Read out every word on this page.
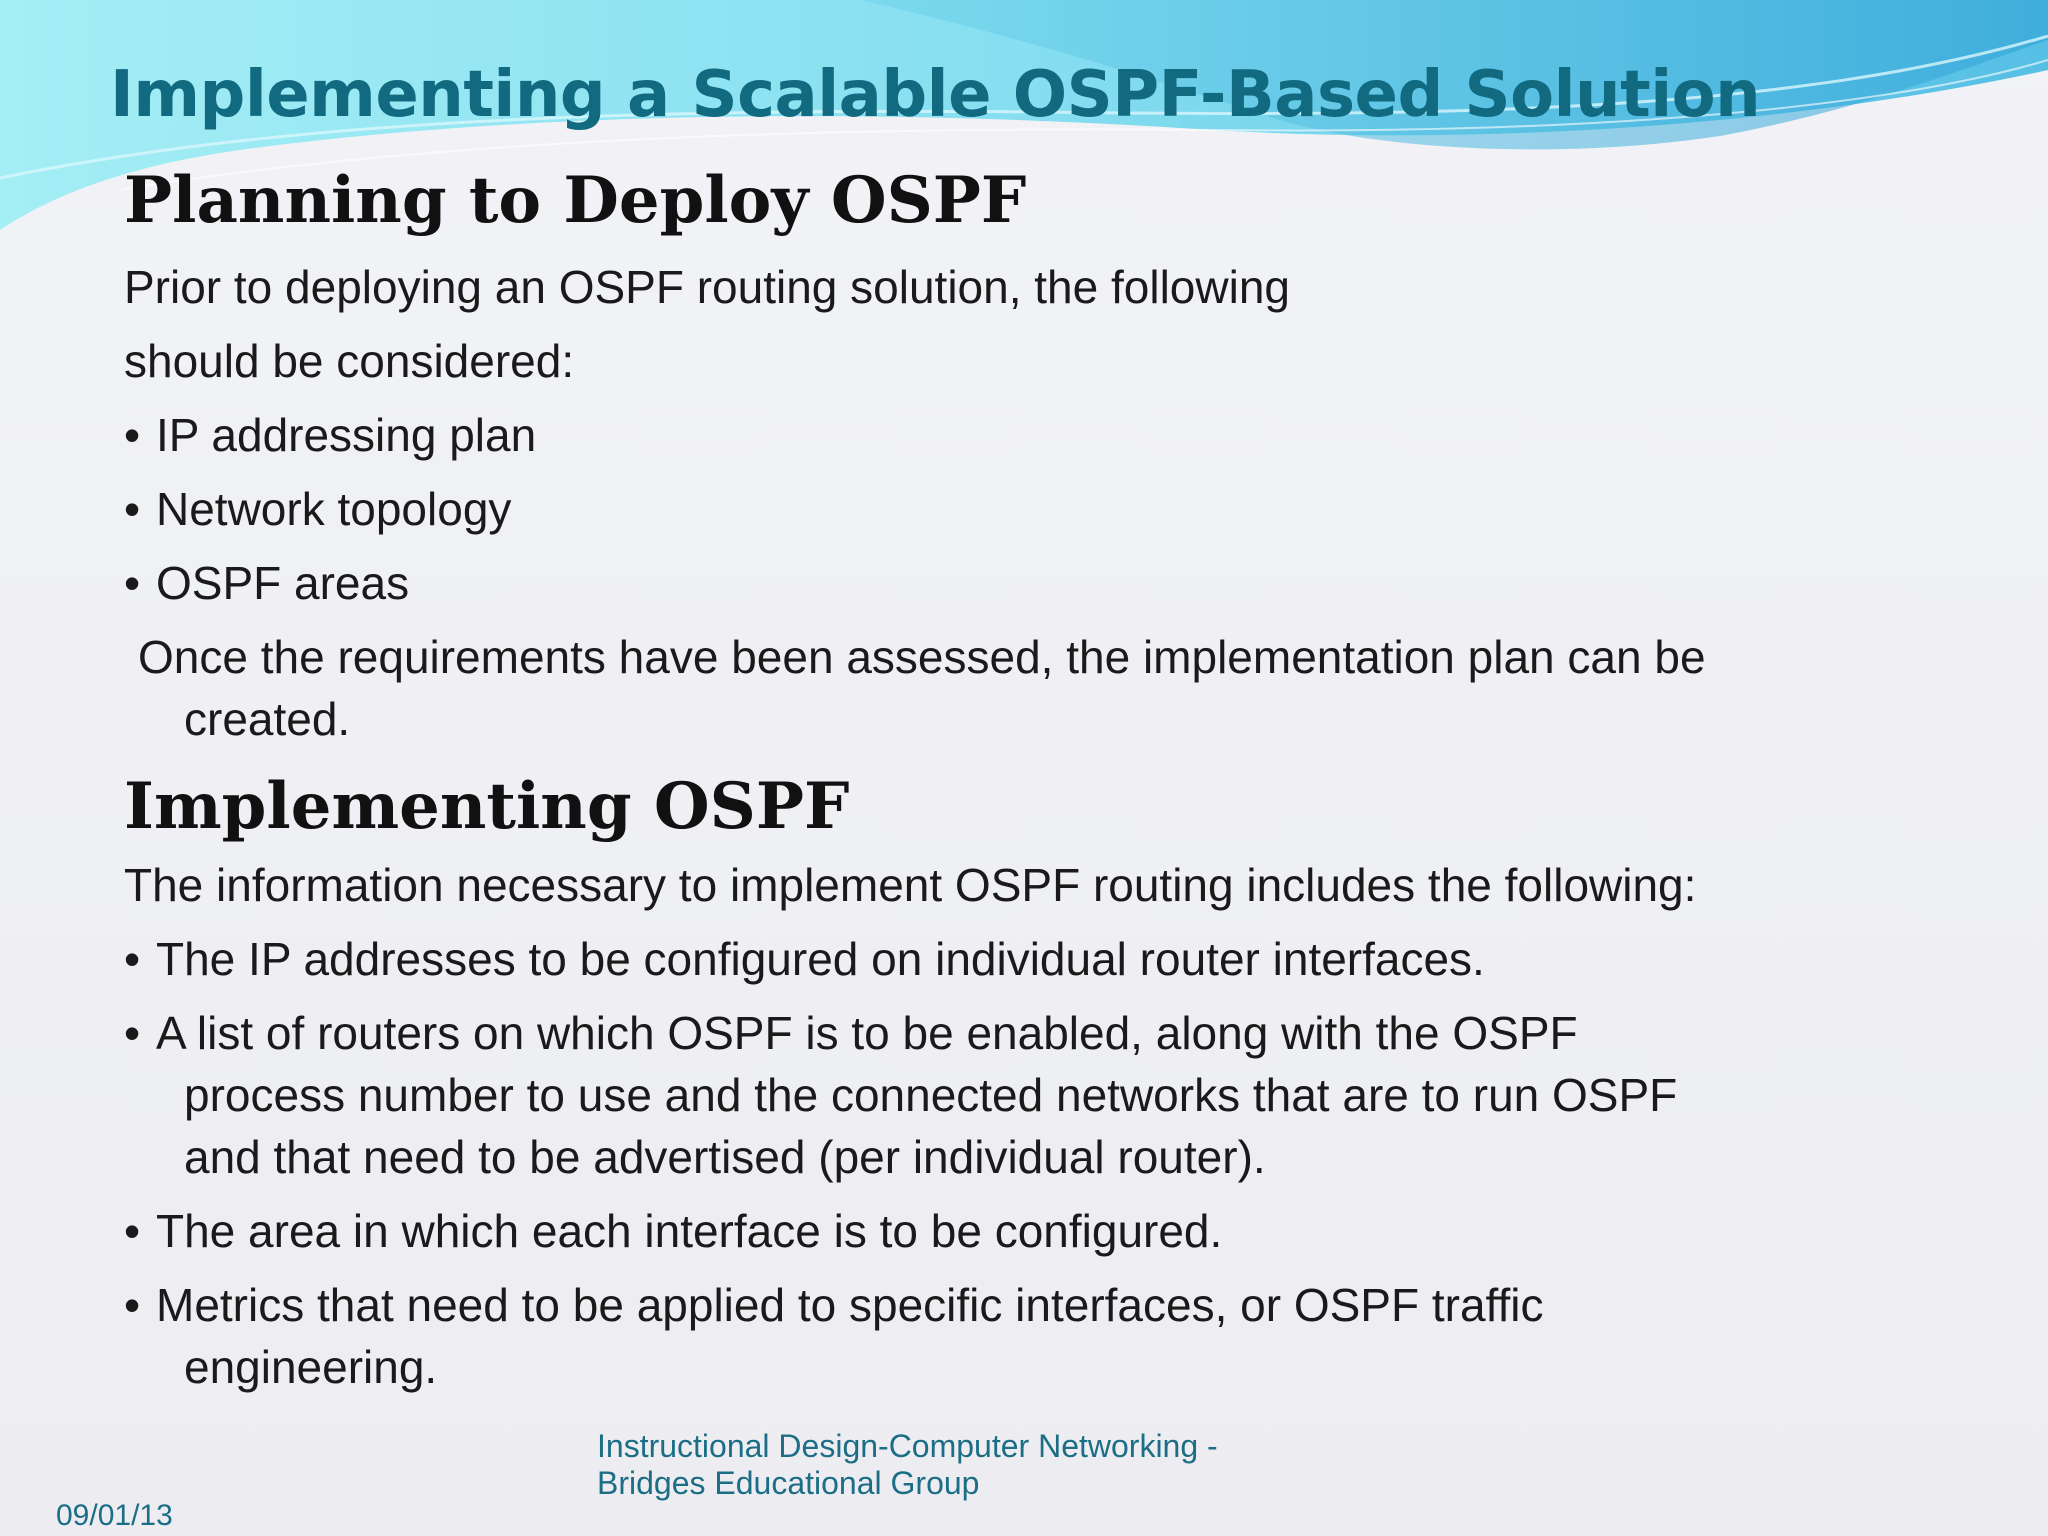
Implementing a Scalable OSPF-Based Solution
Planning to Deploy OSPF
Prior to deploying an OSPF routing solution, the following
should be considered:
• IP addressing plan
• Network topology
• OSPF areas
Once the requirements have been assessed, the implementation plan can be
created.
Implementing OSPF
The information necessary to implement OSPF routing includes the following:
• The IP addresses to be configured on individual router interfaces.
• A list of routers on which OSPF is to be enabled, along with the OSPF
process number to use and the connected networks that are to run OSPF
and that need to be advertised (per individual router).
• The area in which each interface is to be configured.
• Metrics that need to be applied to specific interfaces, or OSPF traffic
engineering.
Instructional Design-Computer Networking -
Bridges Educational Group
09/01/13
